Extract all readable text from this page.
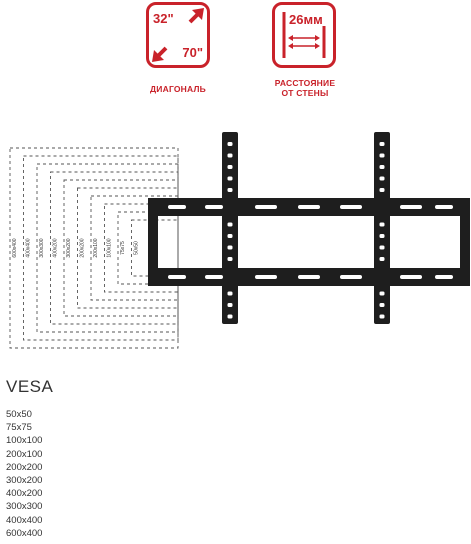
32"
70"
ДИАГОНАЛЬ
26мм
РАССТОЯНИЕ
ОТ СТЕНЫ
600x400 400x400 300x300 400x200 300x200 200x200 200x100 100x100 75x75 50x50
VESA
50x50
75x75
100x100
200x100
200x200
300x200
400x200
300x300
400x400
600x400
